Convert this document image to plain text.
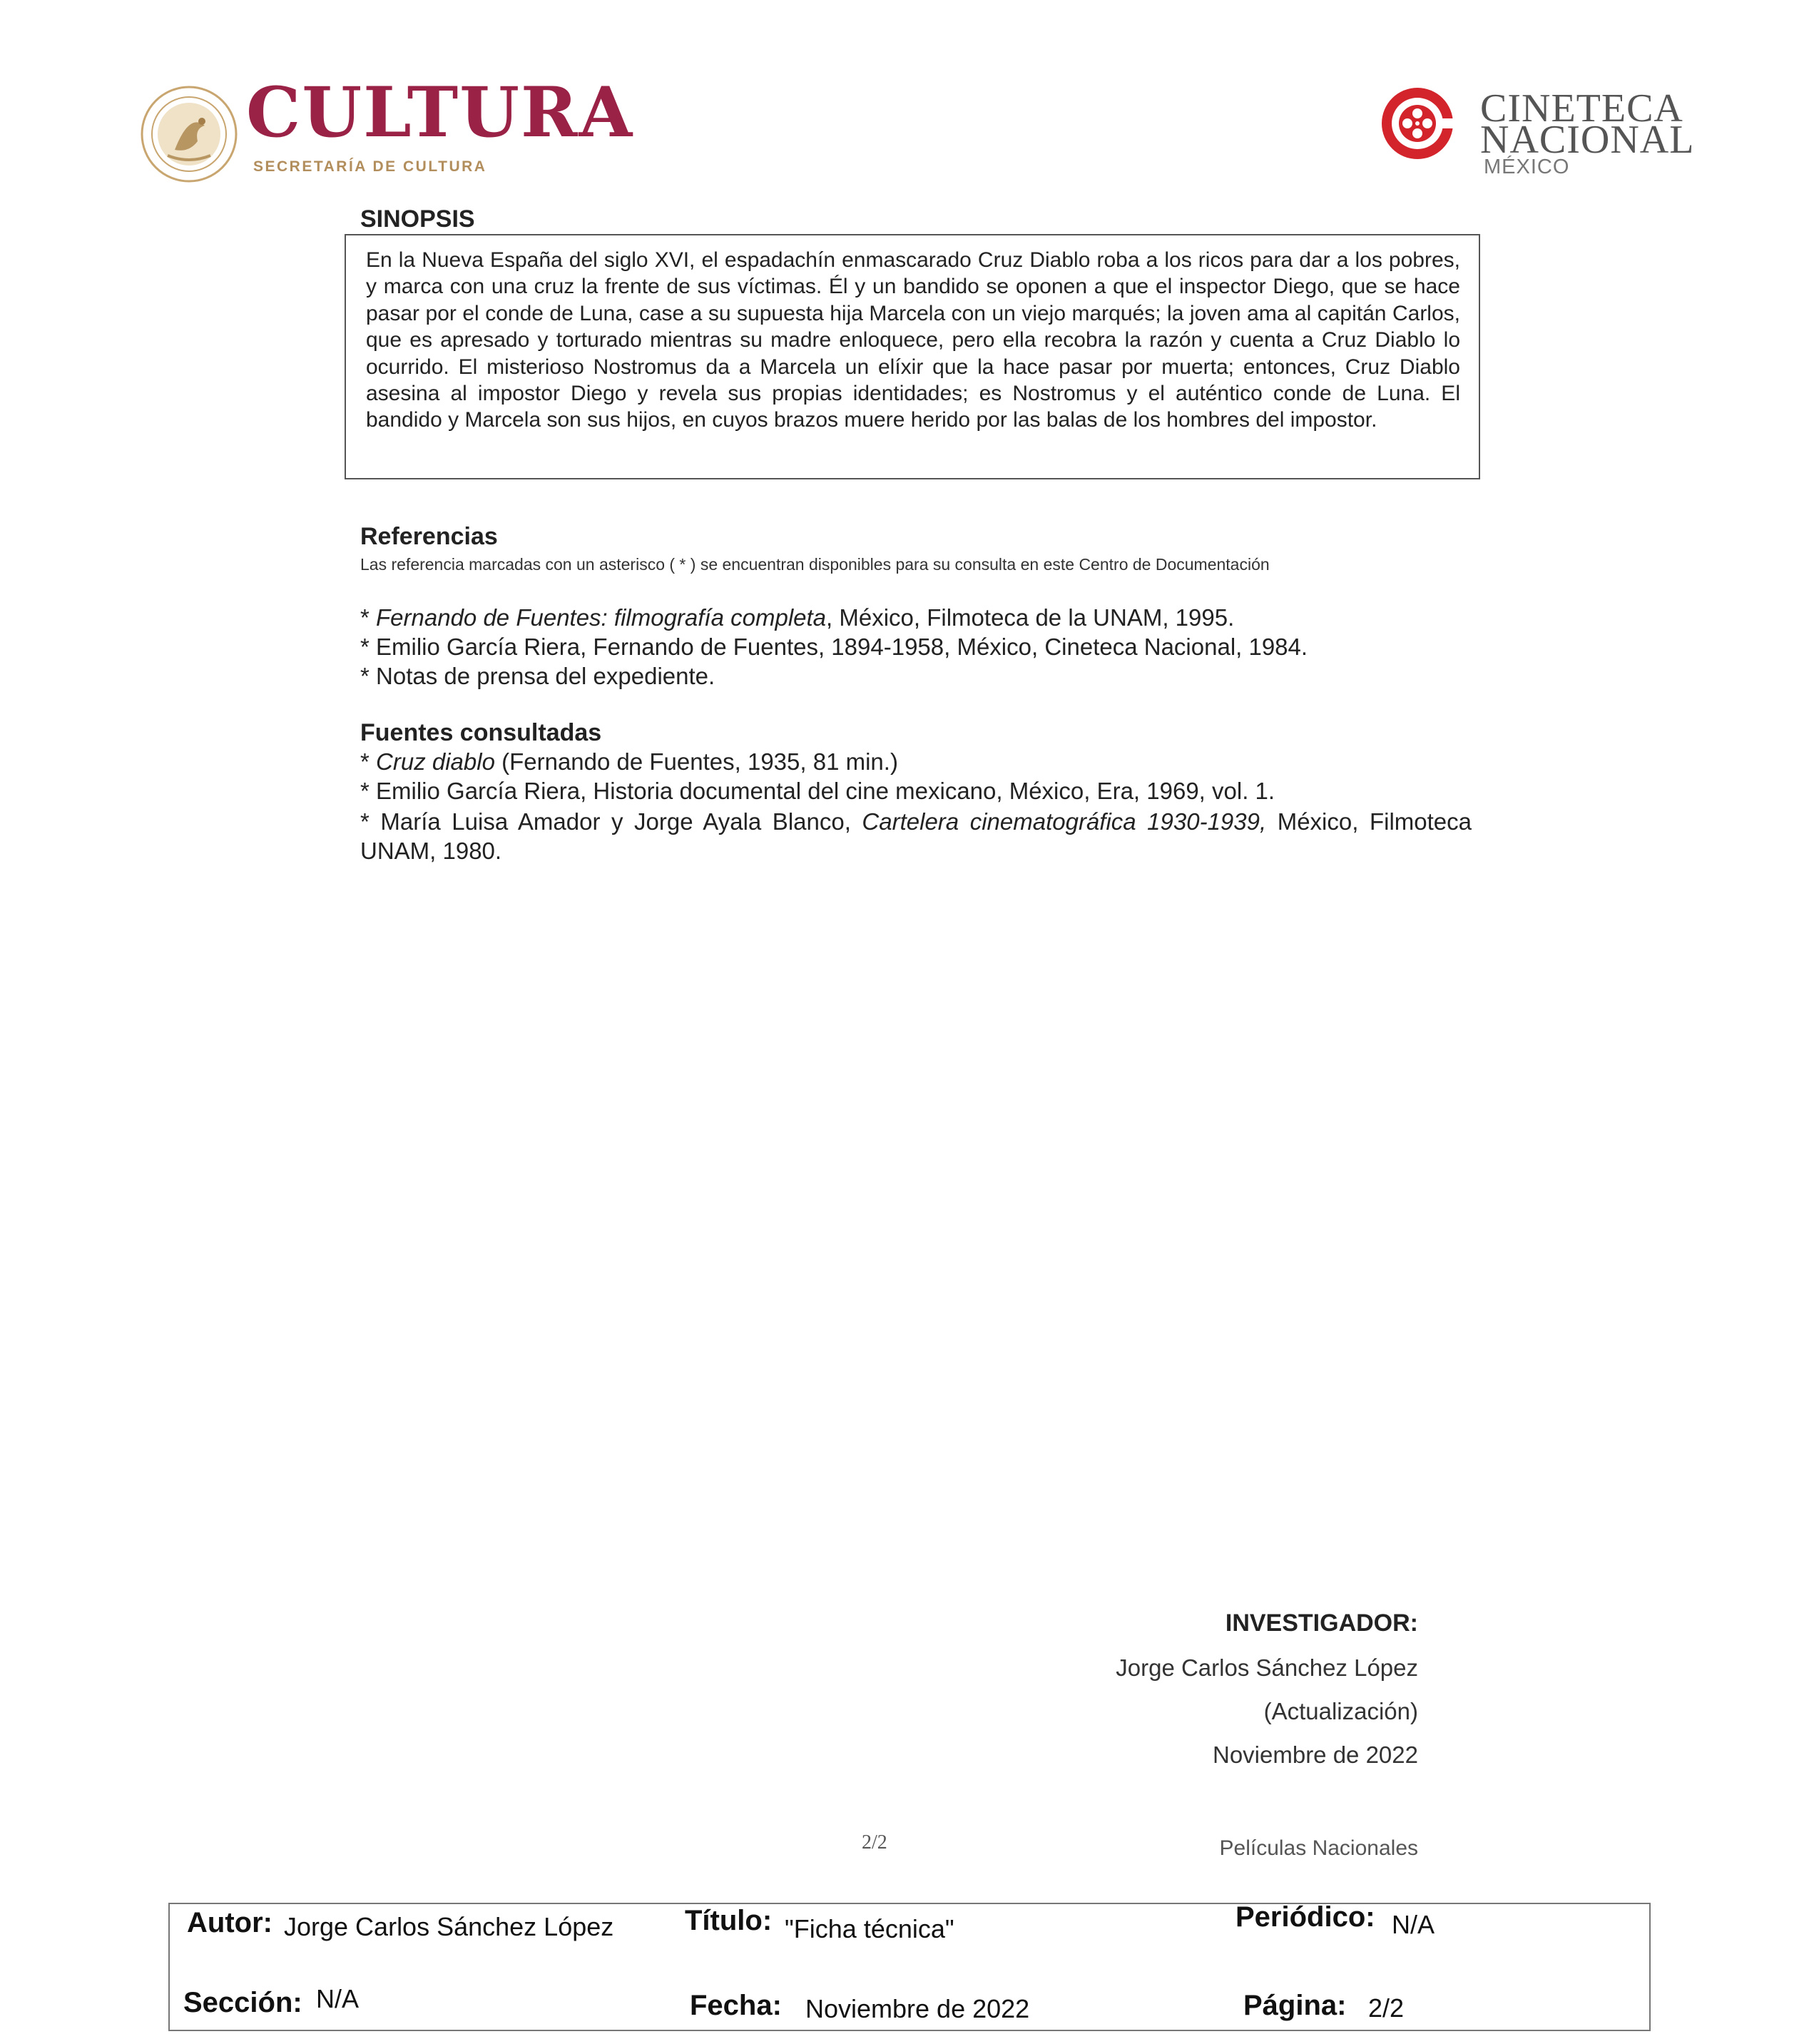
CULTURA
SECRETARÍA DE CULTURA
CINETECA
NACIONAL
MÉXICO
SINOPSIS
En la Nueva España del siglo XVI, el espadachín enmascarado Cruz Diablo roba a los ricos para dar a los pobres, y marca con una cruz la frente de sus víctimas. Él y un bandido se oponen a que el inspector Diego, que se hace pasar por el conde de Luna, case a su supuesta hija Marcela con un viejo marqués; la joven ama al capitán Carlos, que es apresado y torturado mientras su madre enloquece, pero ella recobra la razón y cuenta a Cruz Diablo lo ocurrido. El misterioso Nostromus da a Marcela un elíxir que la hace pasar por muerta; entonces, Cruz Diablo asesina al impostor Diego y revela sus propias identidades; es Nostromus y el auténtico conde de Luna. El bandido y Marcela son sus hijos, en cuyos brazos muere herido por las balas de los hombres del impostor.
Referencias
Las referencia marcadas con un asterisco ( * ) se encuentran disponibles para su consulta en este Centro de Documentación
* Fernando de Fuentes: filmografía completa, México, Filmoteca de la UNAM, 1995.
* Emilio García Riera, Fernando de Fuentes, 1894-1958, México, Cineteca Nacional, 1984.
* Notas de prensa del expediente.
Fuentes consultadas
* Cruz diablo (Fernando de Fuentes, 1935, 81 min.)
* Emilio García Riera, Historia documental del cine mexicano, México, Era, 1969, vol. 1.
* María Luisa Amador y Jorge Ayala Blanco, Cartelera cinematográfica 1930-1939, México, Filmoteca UNAM, 1980.
INVESTIGADOR:
Jorge Carlos Sánchez López
(Actualización)
Noviembre de 2022
2/2	Películas Nacionales
Autor: Jorge Carlos Sánchez López Título: "Ficha técnica"	Periódico: N/A
Sección: N/A	Fecha: Noviembre de 2022	Página: 2/2
